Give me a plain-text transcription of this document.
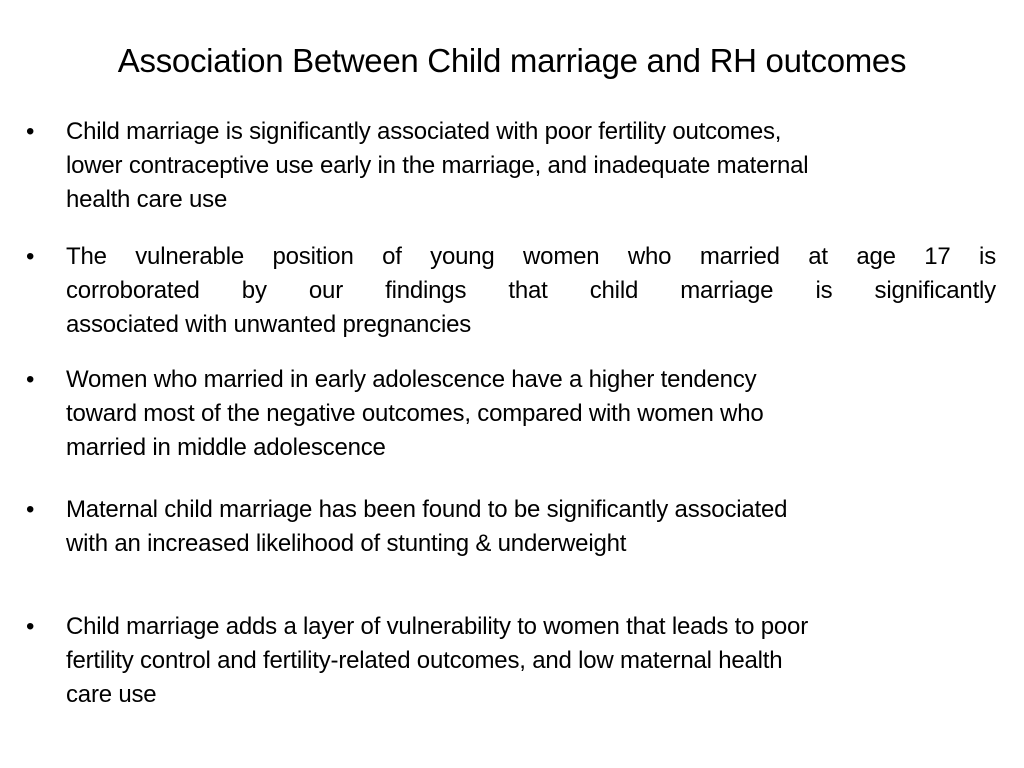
Association Between Child marriage and RH outcomes
• Child marriage is significantly associated with poor fertility outcomes,
lower contraceptive use early in the marriage, and inadequate maternal
health care use
• The vulnerable position of young women who married at age 17 is
corroborated by our findings that child marriage is significantly
associated with unwanted pregnancies
• Women who married in early adolescence have a higher tendency
toward most of the negative outcomes, compared with women who
married in middle adolescence
• Maternal child marriage has been found to be significantly associated
with an increased likelihood of stunting & underweight
• Child marriage adds a layer of vulnerability to women that leads to poor
fertility control and fertility-related outcomes, and low maternal health
care use
